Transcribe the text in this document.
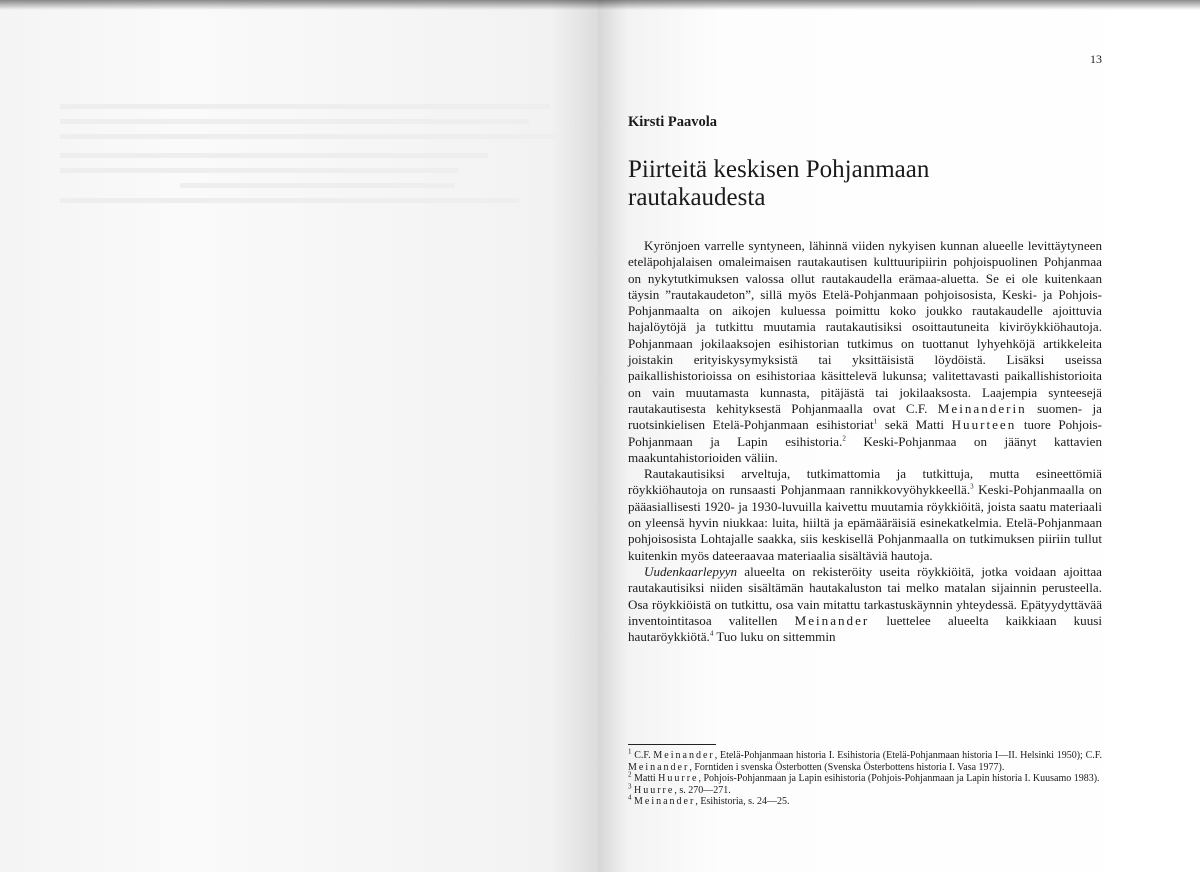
13
Kirsti Paavola
Piirteitä keskisen Pohjanmaan
rautakaudesta

Kyrönjoen varrelle syntyneen, lähinnä viiden nykyisen kunnan alueelle levittäytyneen eteläpohjalaisen omaleimaisen rautakautisen kulttuuripiirin pohjoispuolinen Pohjanmaa on nykytutkimuksen valossa ollut rautakaudella erämaa-aluetta. Se ei ole kuitenkaan täysin ”rautakaudeton”, sillä myös Etelä-Pohjanmaan pohjoisosista, Keski- ja Pohjois-Pohjanmaalta on aikojen kuluessa poimittu koko joukko rautakaudelle ajoittuvia hajalöytöjä ja tutkittu muutamia rautakautisiksi osoittautuneita kiviröykkiöhautoja. Pohjanmaan jokilaaksojen esihistorian tutkimus on tuottanut lyhyehköjä artikkeleita joistakin erityiskysymyksistä tai yksittäisistä löydöistä. Lisäksi useissa paikallishistorioissa on esihistoriaa käsittelevä lukunsa; valitettavasti paikallishistorioita on vain muutamasta kunnasta, pitäjästä tai jokilaaksosta. Laajempia synteesejä rautakautisesta kehityksestä Pohjanmaalla ovat C.F. Meinanderin suomen- ja ruotsinkielisen Etelä-Pohjanmaan esihistoriat$^1$ sekä Matti Huurteen tuore Pohjois-Pohjanmaan ja Lapin esihistoria.$^2$ Keski-Pohjanmaa on jäänyt kattavien maakuntahistorioiden väliin.

Rautakautisiksi arveltuja, tutkimattomia ja tutkittuja, mutta esineettömiä röykkiöhautoja on runsaasti Pohjanmaan rannikkovyöhykkeellä.$^3$ Keski-Pohjanmaalla on pääasiallisesti 1920- ja 1930-luvuilla kaivettu muutamia röykkiöitä, joista saatu materiaali on yleensä hyvin niukkaa: luita, hiiltä ja epämääräisiä esinekatkelmia. Etelä-Pohjanmaan pohjoisosista Lohtajalle saakka, siis keskisellä Pohjanmaalla on tutkimuksen piiriin tullut kuitenkin myös dateeraavaa materiaalia sisältäviä hautoja.

Uudenkaarlepyyn alueelta on rekisteröity useita röykkiöitä, jotka voidaan ajoittaa rautakautisiksi niiden sisältämän hautakaluston tai melko matalan sijainnin perusteella. Osa röykkiöistä on tutkittu, osa vain mitattu tarkastuskäynnin yhteydessä. Epätyydyttävää inventointitasoa valitellen Meinander luettelee alueelta kaikkiaan kuusi hautaröykkiötä.$^4$ Tuo luku on sittemmin

$^1$ C.F. Meinander, Etelä-Pohjanmaan historia I. Esihistoria (Etelä-Pohjanmaan historia I—II. Helsinki 1950); C.F. Meinander, Forntiden i svenska Österbotten (Svenska Österbottens historia I. Vasa 1977).

$^2$ Matti Huurre, Pohjois-Pohjanmaan ja Lapin esihistoria (Pohjois-Pohjanmaan ja Lapin historia I. Kuusamo 1983).

$^3$ Huurre, s. 270—271.

$^4$ Meinander, Esihistoria, s. 24—25.
